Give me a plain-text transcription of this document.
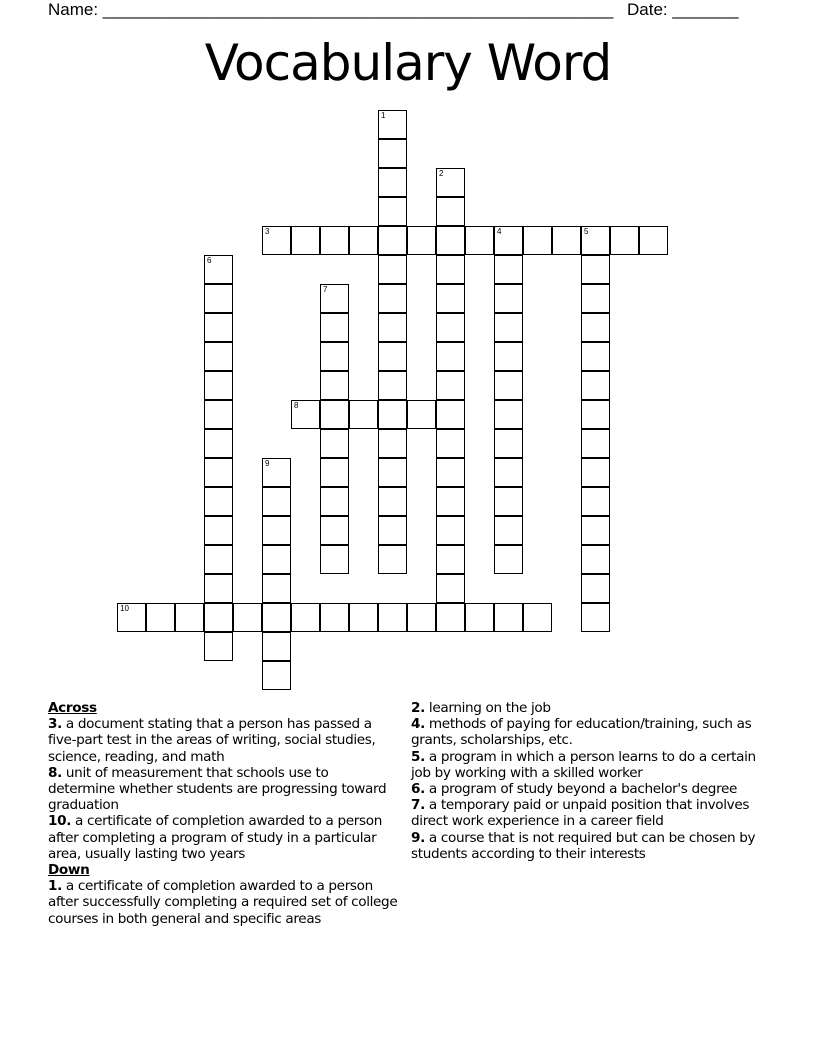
Name: ______________________________________________________ Date: _______
Vocabulary Word
1
2
3	4	5
6
7
8
9
10
Across
3. a document stating that a person has passed a five-part test in the areas of writing, social studies, science, reading, and math
8. unit of measurement that schools use to determine whether students are progressing toward graduation
10. a certificate of completion awarded to a person after completing a program of study in a particular area, usually lasting two years
Down
1. a certificate of completion awarded to a person after successfully completing a required set of college courses in both general and specific areas
2. learning on the job
4. methods of paying for education/training, such as grants, scholarships, etc.
5. a program in which a person learns to do a certain job by working with a skilled worker
6. a program of study beyond a bachelor's degree
7. a temporary paid or unpaid position that involves direct work experience in a career field
9. a course that is not required but can be chosen by students according to their interests
